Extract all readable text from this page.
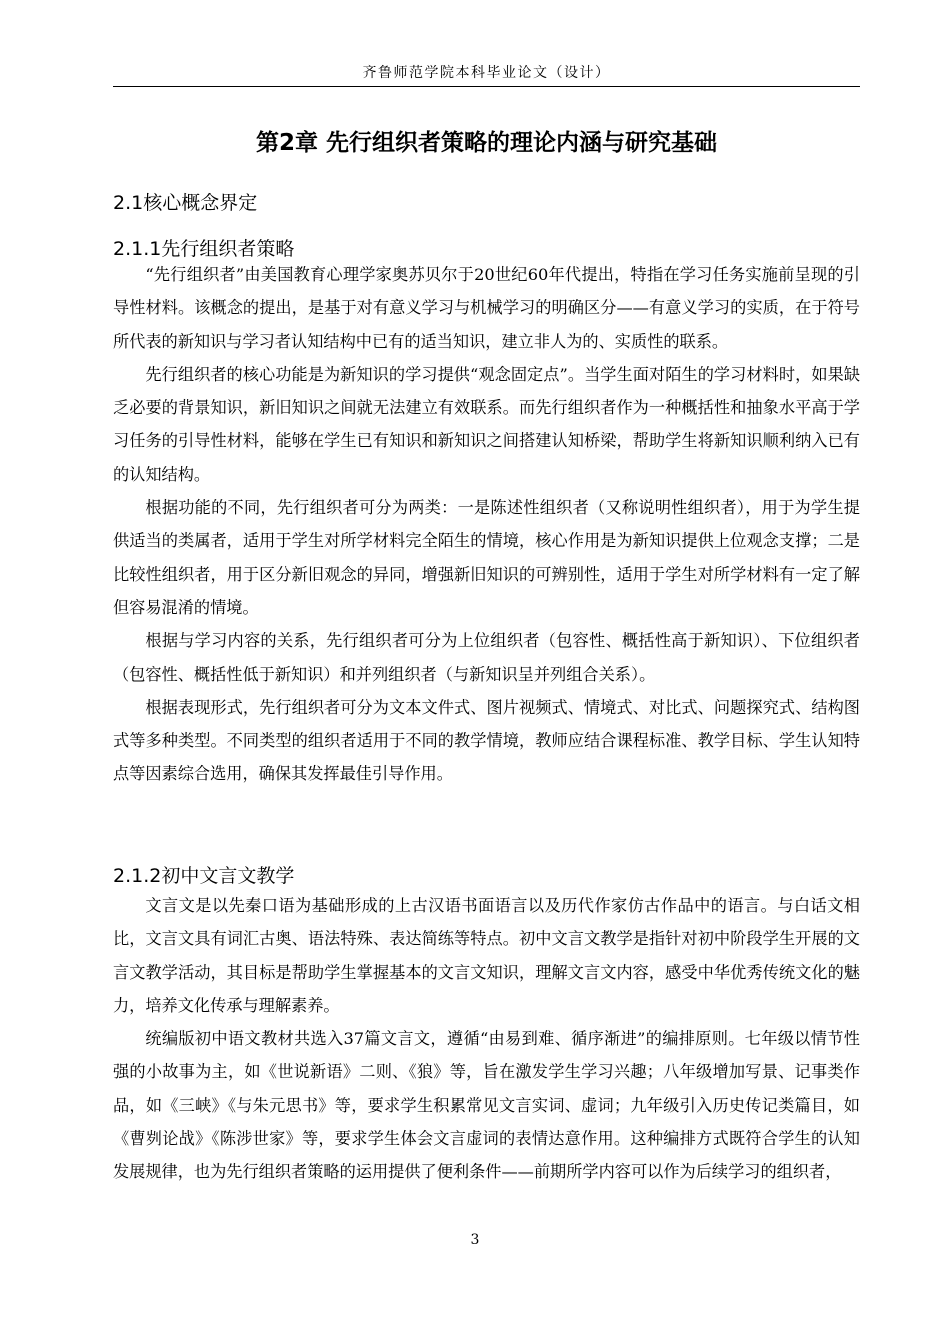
齐鲁师范学院本科毕业论文（设计）
第2章 先行组织者策略的理论内涵与研究基础
2.1核心概念界定
2.1.1先行组织者策略

“先行组织者”由美国教育心理学家奥苏贝尔于20世纪60年代提出，特指在学习任务实施前呈现的引导性材料。该概念的提出，是基于对有意义学习与机械学习的明确区分——有意义学习的实质，在于符号所代表的新知识与学习者认知结构中已有的适当知识，建立非人为的、实质性的联系。

先行组织者的核心功能是为新知识的学习提供“观念固定点”。当学生面对陌生的学习材料时，如果缺乏必要的背景知识，新旧知识之间就无法建立有效联系。而先行组织者作为一种概括性和抽象水平高于学习任务的引导性材料，能够在学生已有知识和新知识之间搭建认知桥梁，帮助学生将新知识顺利纳入已有的认知结构。

根据功能的不同，先行组织者可分为两类：一是陈述性组织者（又称说明性组织者），用于为学生提供适当的类属者，适用于学生对所学材料完全陌生的情境，核心作用是为新知识提供上位观念支撑；二是比较性组织者，用于区分新旧观念的异同，增强新旧知识的可辨别性，适用于学生对所学材料有一定了解但容易混淆的情境。

根据与学习内容的关系，先行组织者可分为上位组织者（包容性、概括性高于新知识）、下位组织者（包容性、概括性低于新知识）和并列组织者（与新知识呈并列组合关系）。

根据表现形式，先行组织者可分为文本文件式、图片视频式、情境式、对比式、问题探究式、结构图式等多种类型。不同类型的组织者适用于不同的教学情境，教师应结合课程标准、教学目标、学生认知特点等因素综合选用，确保其发挥最佳引导作用。

2.1.2初中文言文教学

文言文是以先秦口语为基础形成的上古汉语书面语言以及历代作家仿古作品中的语言。与白话文相比，文言文具有词汇古奥、语法特殊、表达简练等特点。初中文言文教学是指针对初中阶段学生开展的文言文教学活动，其目标是帮助学生掌握基本的文言文知识，理解文言文内容，感受中华优秀传统文化的魅力，培养文化传承与理解素养。

统编版初中语文教材共选入37篇文言文，遵循“由易到难、循序渐进”的编排原则。七年级以情节性强的小故事为主，如《世说新语》二则、《狼》等，旨在激发学生学习兴趣；八年级增加写景、记事类作品，如《三峡》《与朱元思书》等，要求学生积累常见文言实词、虚词；九年级引入历史传记类篇目，如《曹刿论战》《陈涉世家》等，要求学生体会文言虚词的表情达意作用。这种编排方式既符合学生的认知发展规律，也为先行组织者策略的运用提供了便利条件——前期所学内容可以作为后续学习的组织者，

3
